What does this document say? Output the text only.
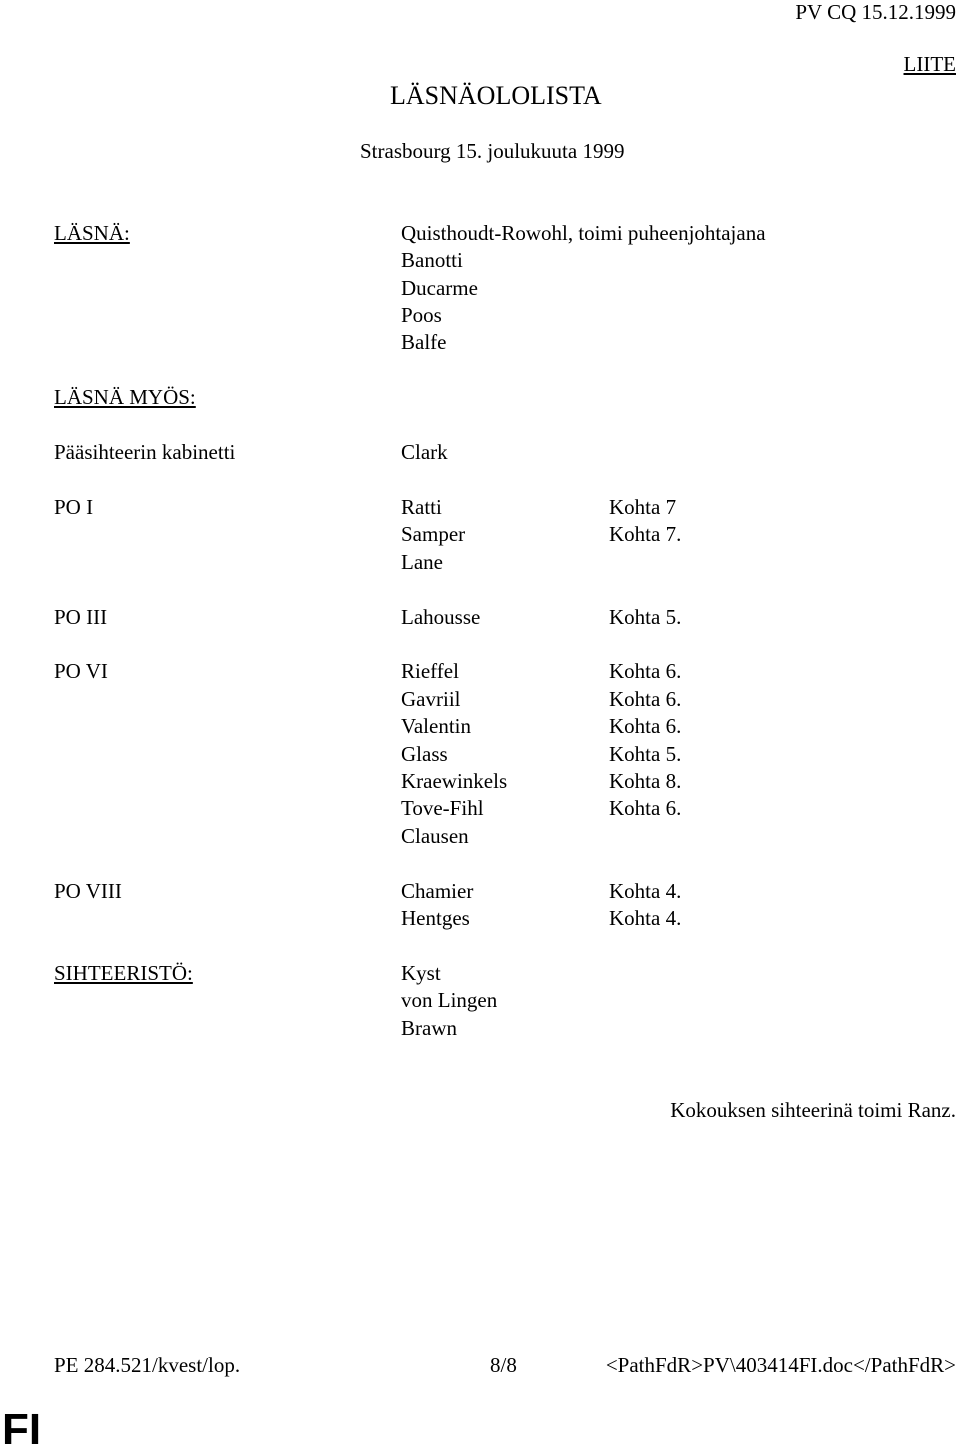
PV CQ 15.12.1999
LIITE
LÄSNÄOLOLISTA
Strasbourg 15. joulukuuta 1999
LÄSNÄ:	Quisthoudt-Rowohl, toimi puheenjohtajana
Banotti
Ducarme
Poos
Balfe
LÄSNÄ MYÖS:
Pääsihteerin kabinetti	Clark
PO I	Ratti	Kohta 7
Samper	Kohta 7.
Lane
PO III	Lahousse	Kohta 5.
PO VI	Rieffel	Kohta 6.
Gavriil	Kohta 6.
Valentin	Kohta 6.
Glass	Kohta 5.
Kraewinkels	Kohta 8.
Tove-Fihl	Kohta 6.
Clausen
PO VIII	Chamier	Kohta 4.
Hentges	Kohta 4.
SIHTEERISTÖ:	Kyst
von Lingen
Brawn
Kokouksen sihteerinä toimi Ranz.
PE 284.521/kvest/lop.	8/8	<PathFdR>PV\403414FI.doc</PathFdR>
FI
